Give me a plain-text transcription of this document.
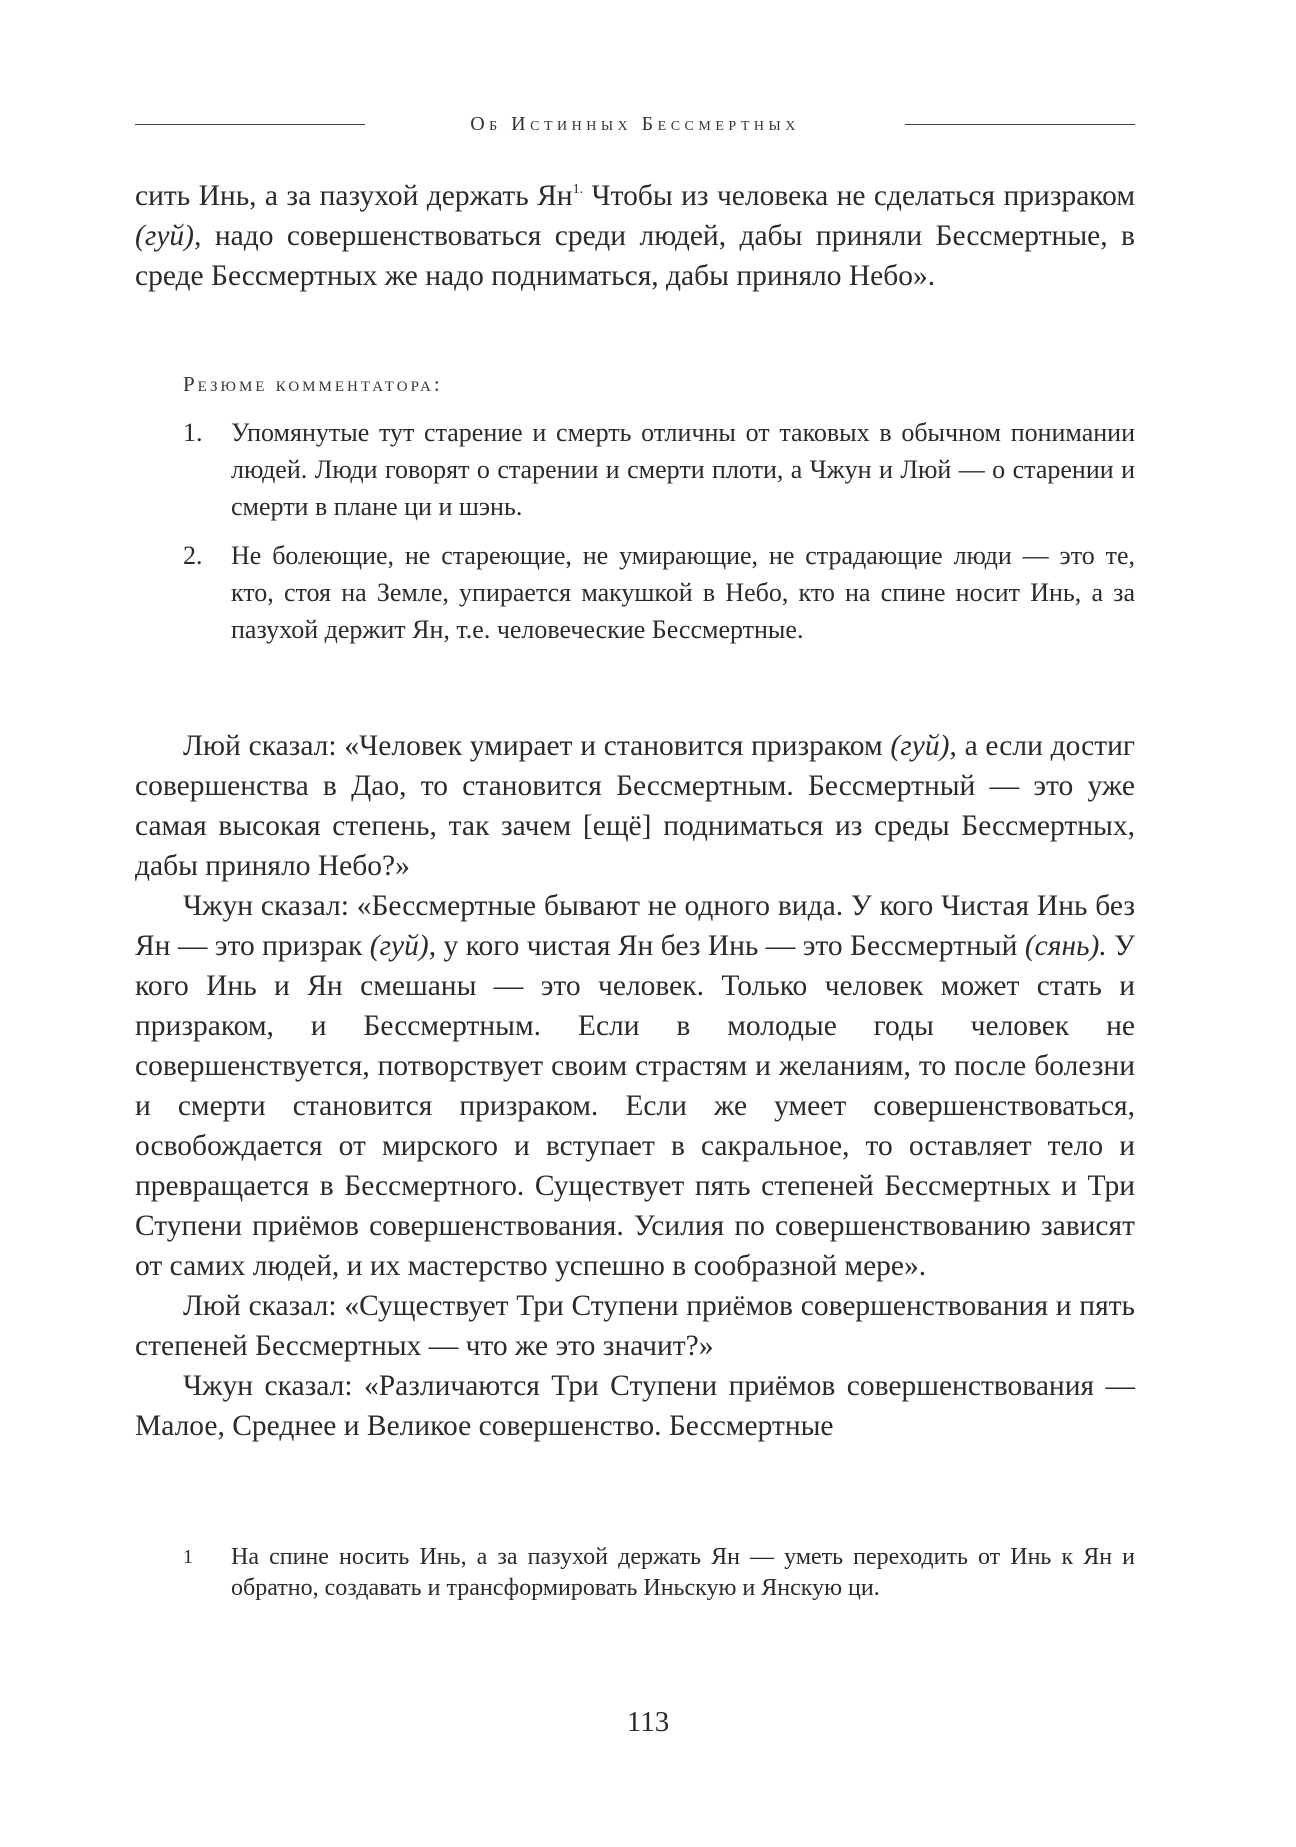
Об Истинных Бессмертных

сить Инь, а за пазухой держать Ян$^{1.}$ Чтобы из человека не сделаться призраком (гуй), надо совершенствоваться среди людей, дабы приняли Бессмертные, в среде Бессмертных же надо подниматься, дабы приняло Небо».

Резюме комментатора:
1.	Упомянутые тут старение и смерть отличны от таковых в обычном понимании людей. Люди говорят о старении и смерти плоти, а Чжун и Люй — о старении и смерти в плане ци и шэнь.
2.	Не болеющие, не стареющие, не умирающие, не страдающие люди — это те, кто, стоя на Земле, упирается макушкой в Небо, кто на спине носит Инь, а за пазухой держит Ян, т.е. человеческие Бессмертные.

Люй сказал: «Человек умирает и становится призраком (гуй), а если достиг совершенства в Дао, то становится Бессмертным. Бессмертный — это уже самая высокая степень, так зачем [ещё] подниматься из среды Бессмертных, дабы приняло Небо?»

Чжун сказал: «Бессмертные бывают не одного вида. У кого Чистая Инь без Ян — это призрак (гуй), у кого чистая Ян без Инь — это Бессмертный (сянь). У кого Инь и Ян смешаны — это человек. Только человек может стать и призраком, и Бессмертным. Если в молодые годы человек не совершенствуется, потворствует своим страстям и желаниям, то после болезни и смерти становится призраком. Если же умеет совершенствоваться, освобождается от мирского и вступает в сакральное, то оставляет тело и превращается в Бессмертного. Существует пять степеней Бессмертных и Три Ступени приёмов совершенствования. Усилия по совершенствованию зависят от самих людей, и их мастерство успешно в сообразной мере».

Люй сказал: «Существует Три Ступени приёмов совершенствования и пять степеней Бессмертных — что же это значит?»

Чжун сказал: «Различаются Три Ступени приёмов совершенствования — Малое, Среднее и Великое совершенство. Бессмертные

1	На спине носить Инь, а за пазухой держать Ян — уметь переходить от Инь к Ян и обратно, создавать и трансформировать Иньскую и Янскую ци.
113
